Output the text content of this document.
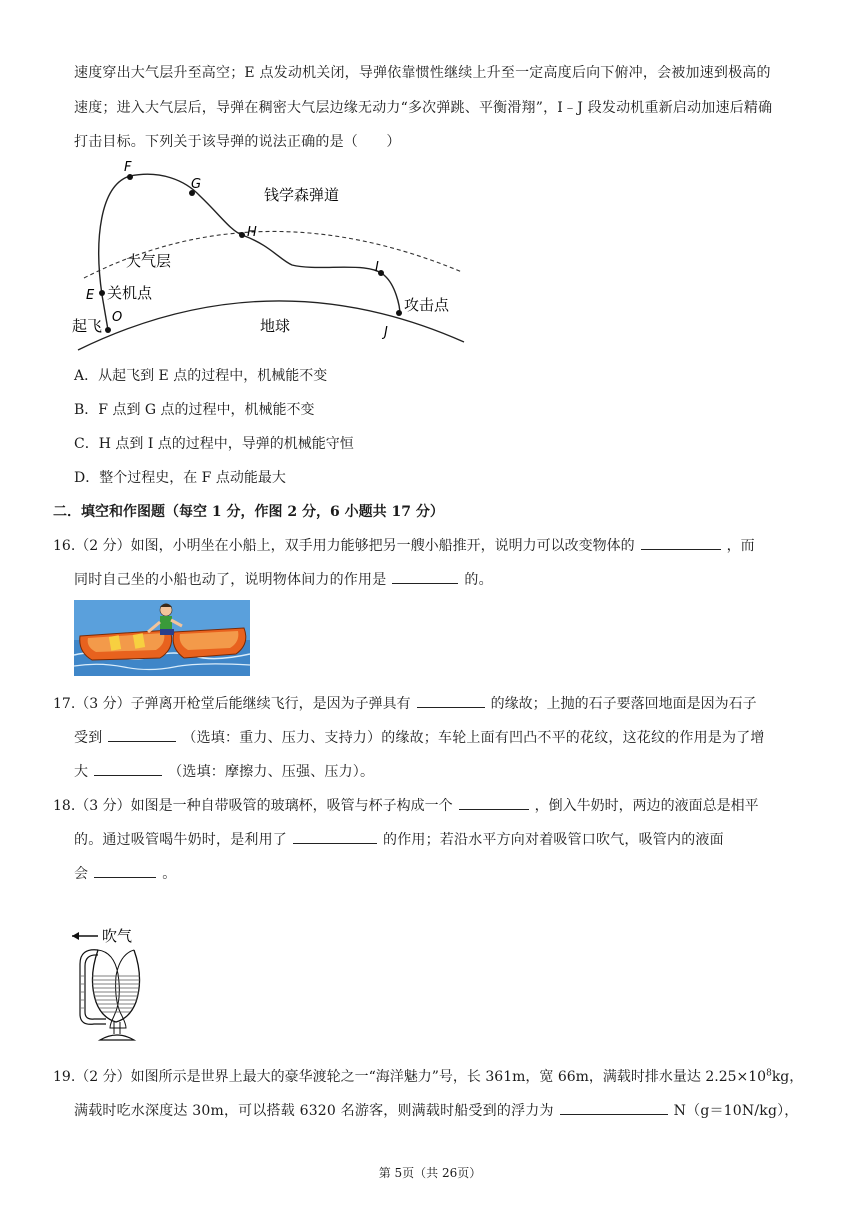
速度穿出大气层升至高空；E 点发动机关闭，导弹依靠惯性继续上升至一定高度后向下俯冲，会被加速到极高的
速度；进入大气层后，导弹在稠密大气层边缘无动力“多次弹跳、平衡滑翔”，I﹣J 段发动机重新启动加速后精确
打击目标。下列关于该导弹的说法正确的是（　　）
F
G
H
I
E
O
J
钱学森弹道
大气层
关机点
起飞	地球
攻击点
A．从起飞到 E 点的过程中，机械能不变
B．F 点到 G 点的过程中，机械能不变
C．H 点到 I 点的过程中，导弹的机械能守恒
D．整个过程史，在 F 点动能最大
二．填空和作图题（每空 1 分，作图 2 分，6 小题共 17 分）
16.（2 分）如图，小明坐在小船上，双手用力能够把另一艘小船推开，说明力可以改变物体的	，而
同时自己坐的小船也动了，说明物体间力的作用是	的。
17.（3 分）子弹离开枪堂后能继续飞行，是因为子弹具有	的缘故；上抛的石子要落回地面是因为石子
受到	（选填：重力、压力、支持力）的缘故；车轮上面有凹凸不平的花纹，这花纹的作用是为了增
大	（选填：摩擦力、压强、压力）。
18.（3 分）如图是一种自带吸管的玻璃杯，吸管与杯子构成一个	，倒入牛奶时，两边的液面总是相平
的。通过吸管喝牛奶时，是利用了	的作用；若沿水平方向对着吸管口吹气，吸管内的液面
会	。
吹气
19.（2 分）如图所示是世界上最大的豪华渡轮之一“海洋魅力”号，长 361m，宽 66m，满载时排水量达 $2.25\times 10^8kg$，
满载时吃水深度达 30m，可以搭载 6320 名游客，则满载时船受到的浮力为	N（g＝10N/kg），
第 5页（共 26页）
